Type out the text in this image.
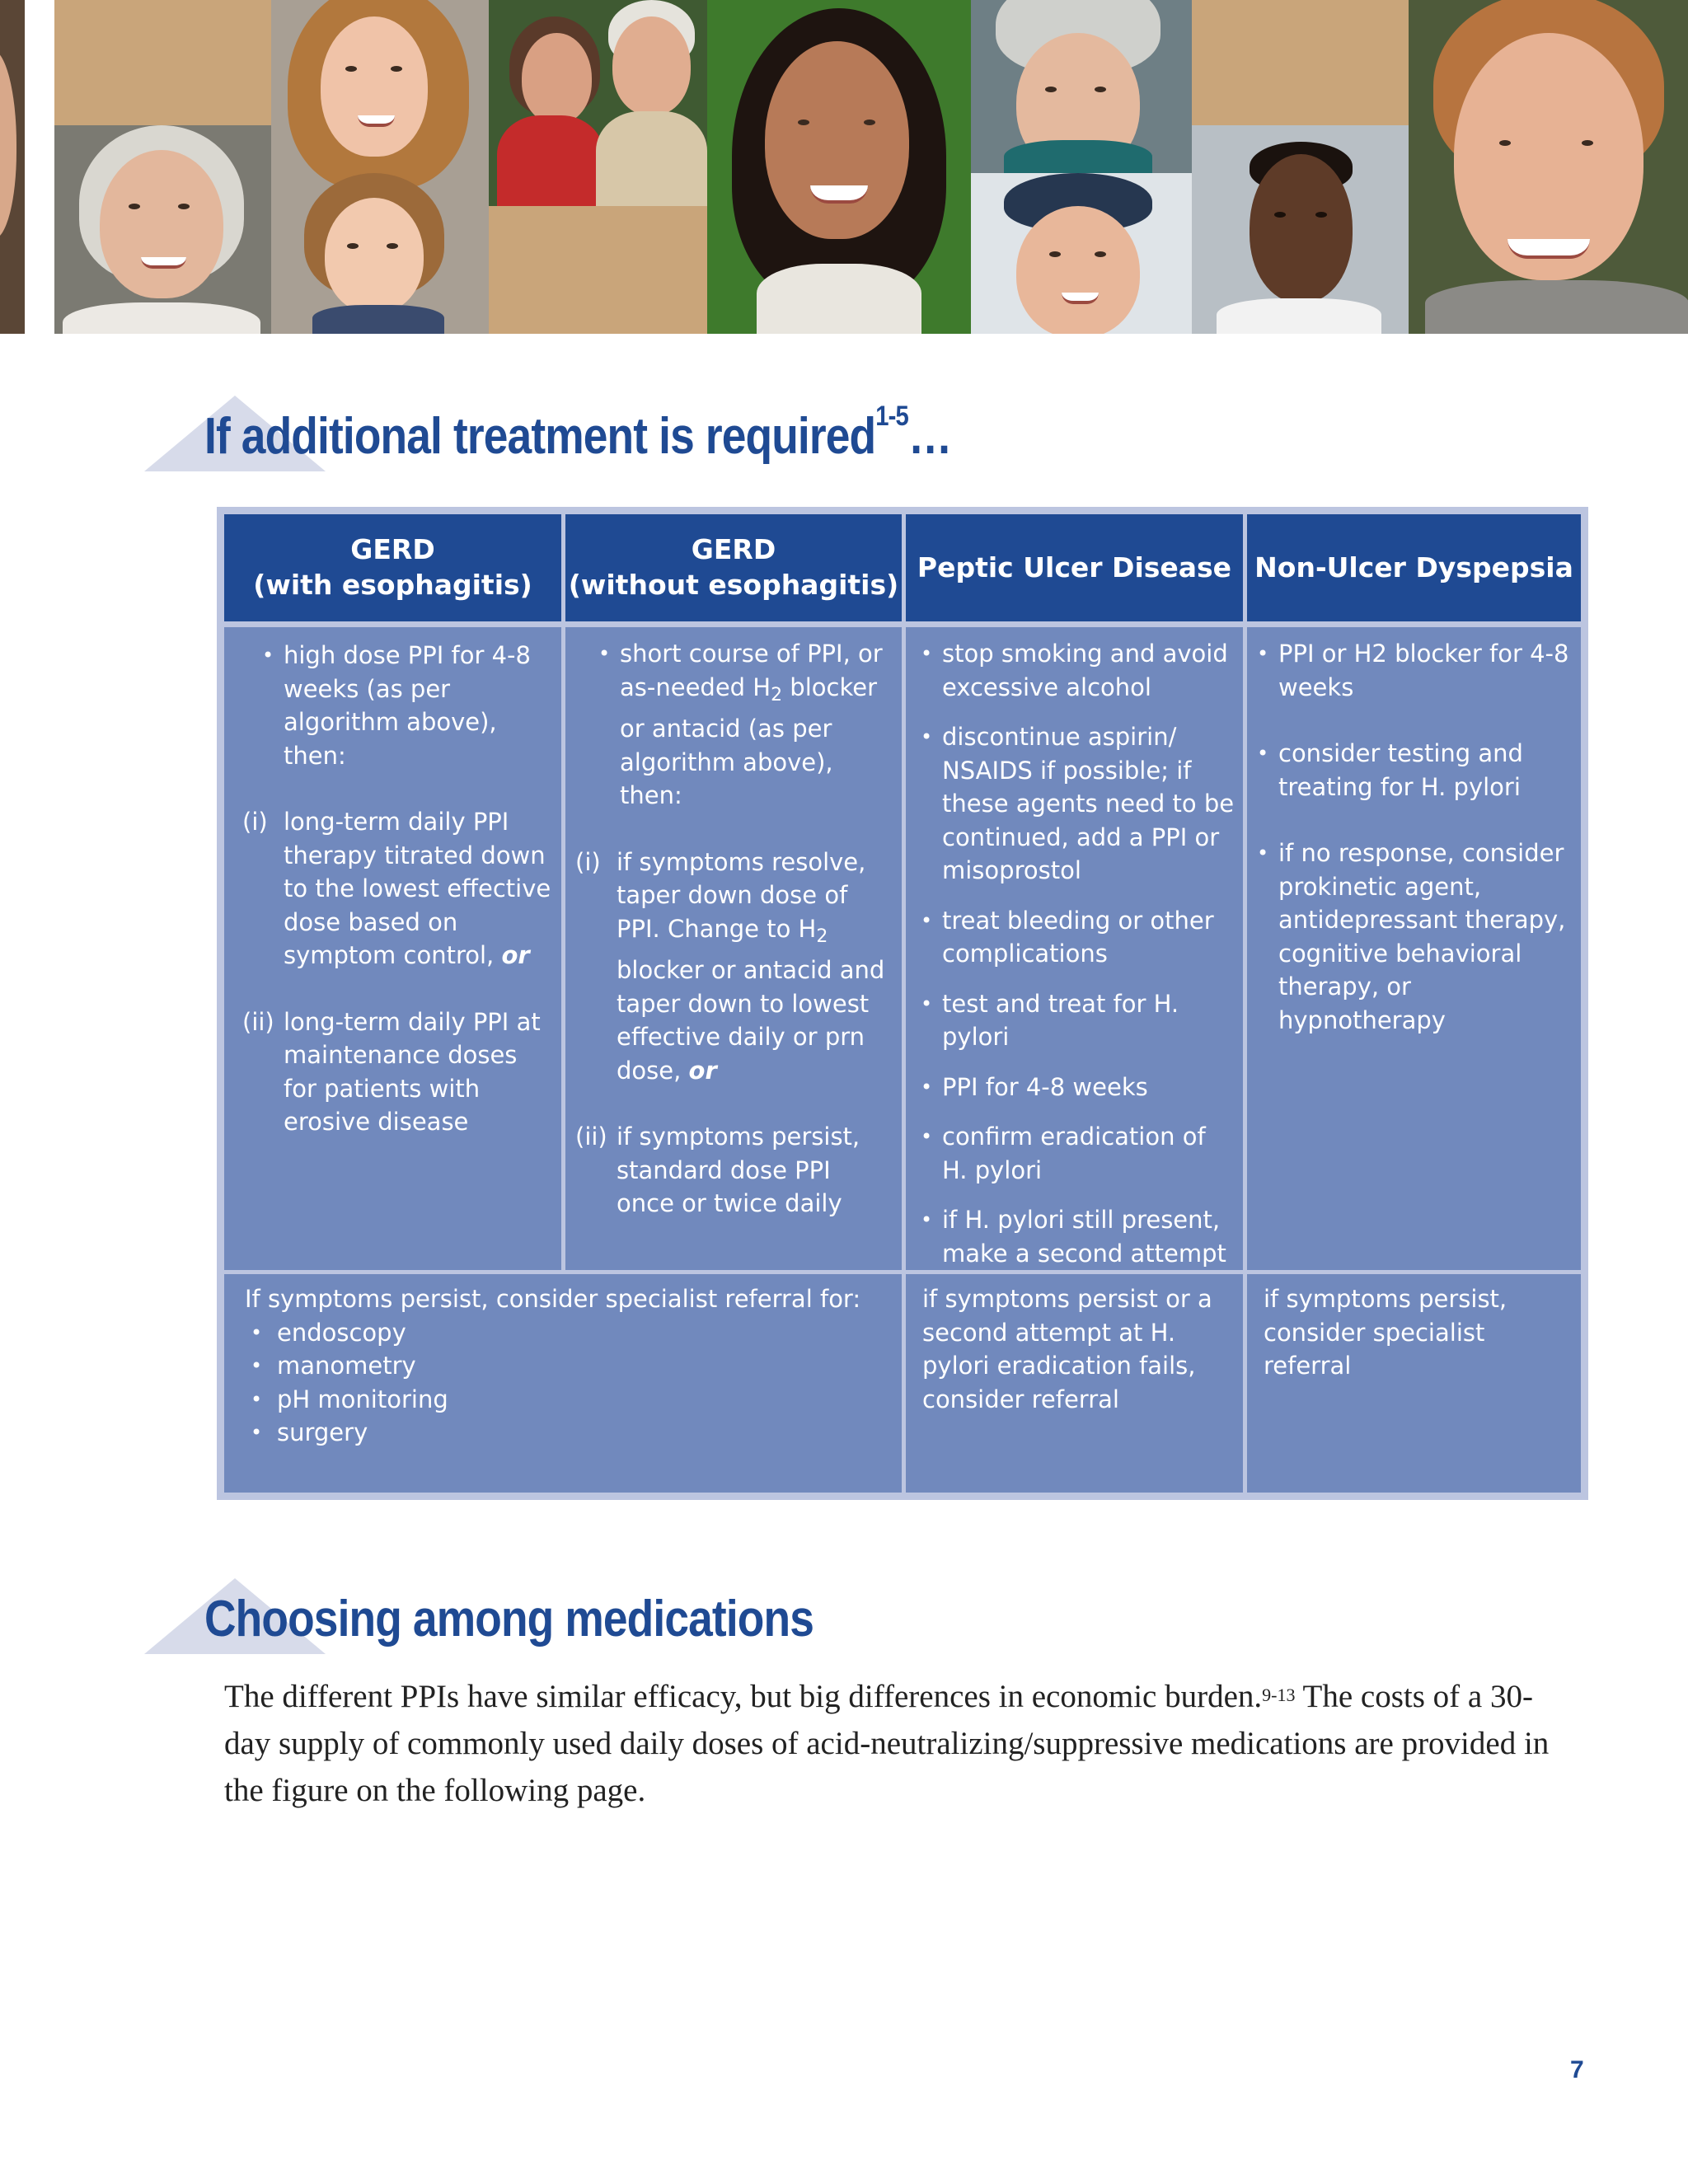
If additional treatment is required$^{1-5}$…
GERD
(with esophagitis)
GERD
(without esophagitis)
Peptic Ulcer Disease Non-Ulcer Dyspepsia
• high dose PPI for 4-8 weeks (as per algorithm above), then:
(i) long-term daily PPI therapy titrated down to the lowest effective dose based on symptom control, or
(ii) long-term daily PPI at maintenance doses for patients with erosive disease
• short course of PPI, or as-needed $H_2$ blocker or antacid (as per algorithm above), then:
(i) if symptoms resolve, taper down dose of PPI. Change to $H_2$ blocker or antacid and taper down to lowest effective daily or prn dose, or
(ii) if symptoms persist, standard dose PPI once or twice daily
• stop smoking and avoid excessive alcohol
• discontinue aspirin/ NSAIDS if possible; if these agents need to be continued, add a PPI or misoprostol
• treat bleeding or other complications
• test and treat for H. pylori
• PPI for 4-8 weeks
• confirm eradication of H. pylori
• if H. pylori still present, make a second attempt
• PPI or H2 blocker for 4-8 weeks
• consider testing and treating for H. pylori
• if no response, consider prokinetic agent, antidepressant therapy, cognitive behavioral therapy, or hypnotherapy
If symptoms persist, consider specialist referral for:
• endoscopy
• manometry
• pH monitoring
• surgery
if symptoms persist or a second attempt at H. pylori eradication fails, consider referral
if symptoms persist, consider specialist referral
Choosing among medications
The different PPIs have similar efficacy, but big differences in economic burden.$^{9-13}$ The costs of a 30-day supply of commonly used daily doses of acid-neutralizing/suppressive medications are provided in the figure on the following page.
7
